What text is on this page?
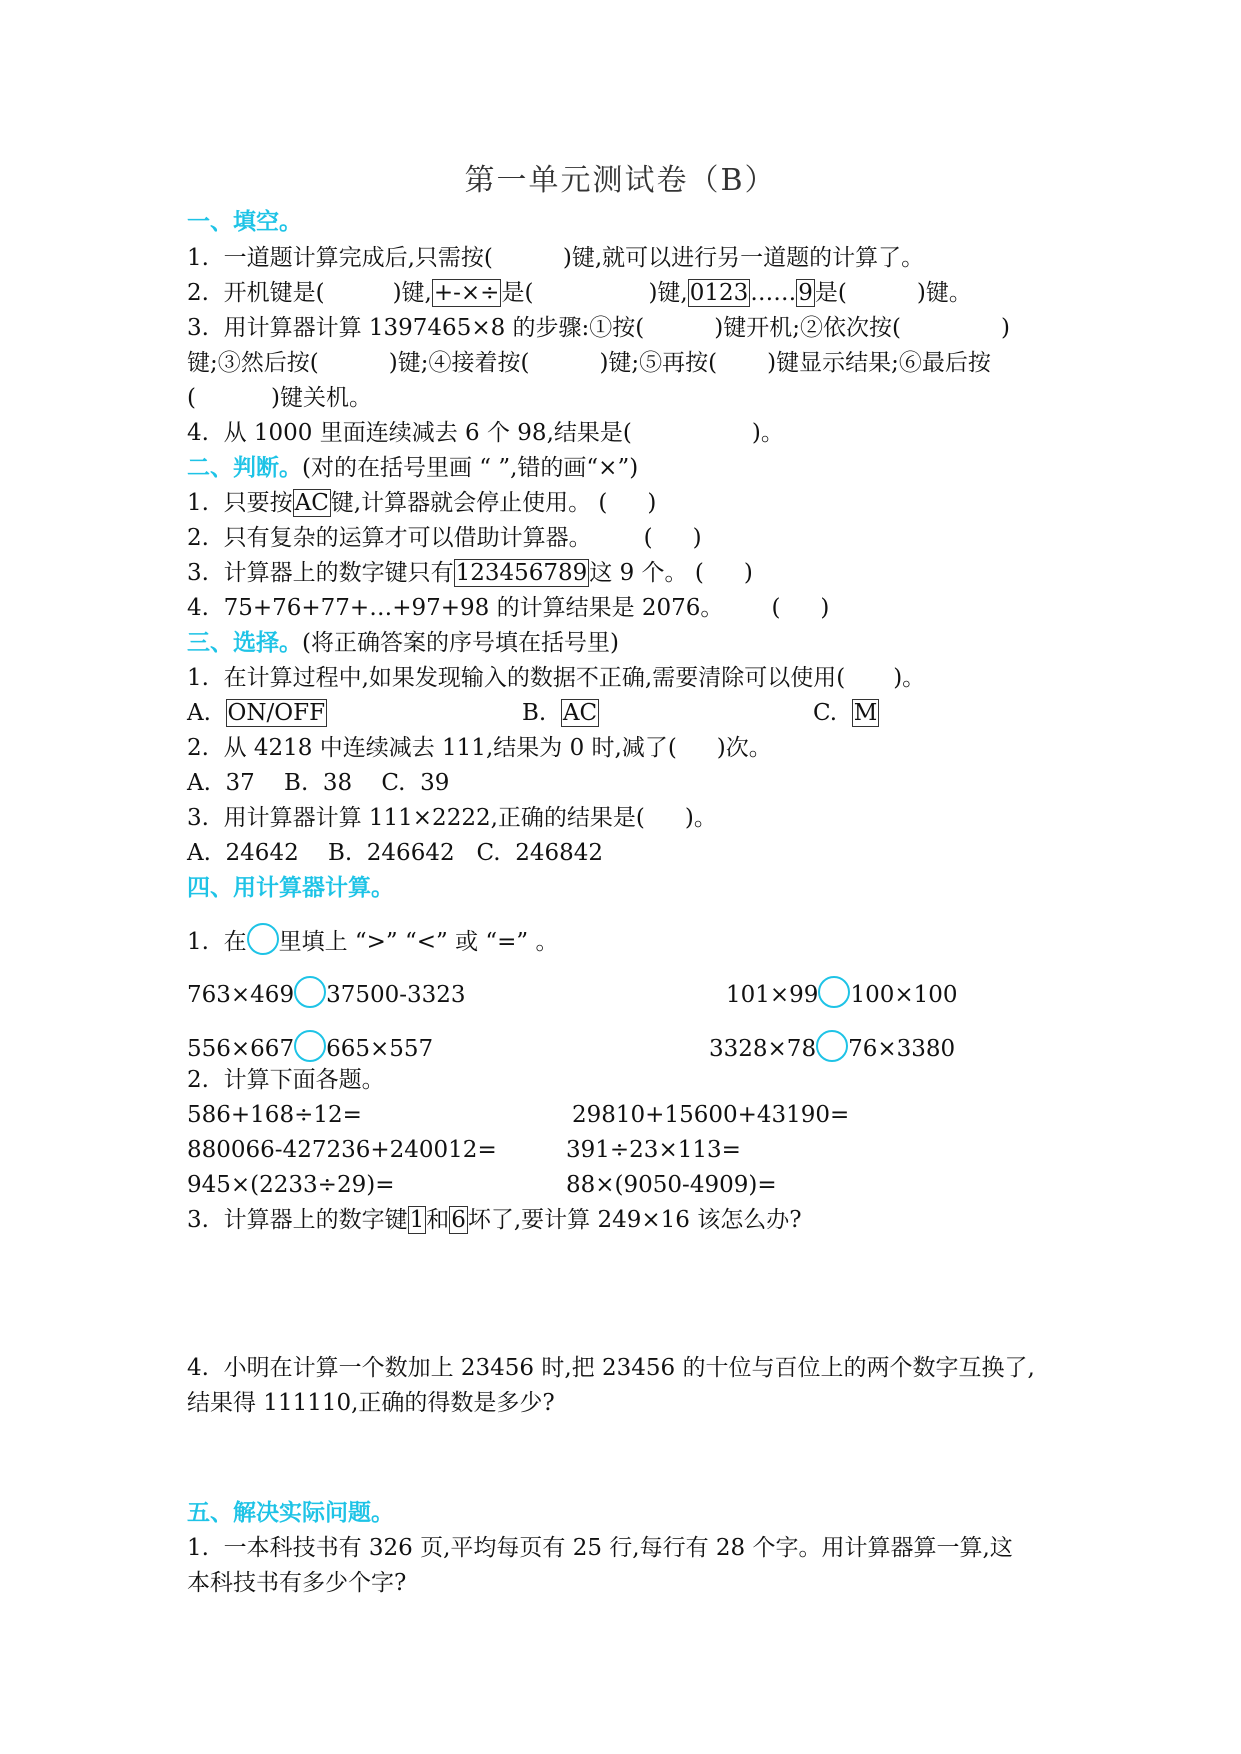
第一单元测试卷（B）
一、填空。
1. 一道题计算完成后,只需按(	)键,就可以进行另一道题的计算了。
2. 开机键是(	)键,+-×÷是(	)键,0123……9是(	)键。
3. 用计算器计算 1397465×8 的步骤:①按(	)键开机;②依次按(	)
键;③然后按(	)键;④接着按(	)键;⑤再按( )键显示结果;⑥最后按
(	)键关机。
4. 从 1000 里面连续减去 6 个 98,结果是(	)。
二、判断。(对的在括号里画 “ ”,错的画“×”)
1. 只要按AC键,计算器就会停止使用。 ( )
2. 只有复杂的运算才可以借助计算器。 ( )
3. 计算器上的数字键只有123456789这 9 个。 ( )
4. 75+76+77+…+97+98 的计算结果是 2076。 ( )
三、选择。(将正确答案的序号填在括号里)
1. 在计算过程中,如果发现输入的数据不正确,需要清除可以使用( )。
A. ON/OFF	B. AC	C. M
2. 从 4218 中连续减去 111,结果为 0 时,减了( )次。
A.  37    B.  38    C.  39
3. 用计算器计算 111×2222,正确的结果是( )。
A.  24642    B.  246642   C.  246842
四、用计算器计算。
1. 在 里填上 “>” “<” 或 “=” 。
763×469 37500-3323	101×99 100×100
556×667 665×557	3328×78 76×3380
2. 计算下面各题。
586+168÷12=	29810+15600+43190=
880066-427236+240012=	391÷23×113=
945×(2233÷29)=	88×(9050-4909)=
3. 计算器上的数字键1和6坏了,要计算 249×16 该怎么办?
4. 小明在计算一个数加上 23456 时,把 23456 的十位与百位上的两个数字互换了,
结果得 111110,正确的得数是多少?
五、解决实际问题。
1. 一本科技书有 326 页,平均每页有 25 行,每行有 28 个字。用计算器算一算,这
本科技书有多少个字?
